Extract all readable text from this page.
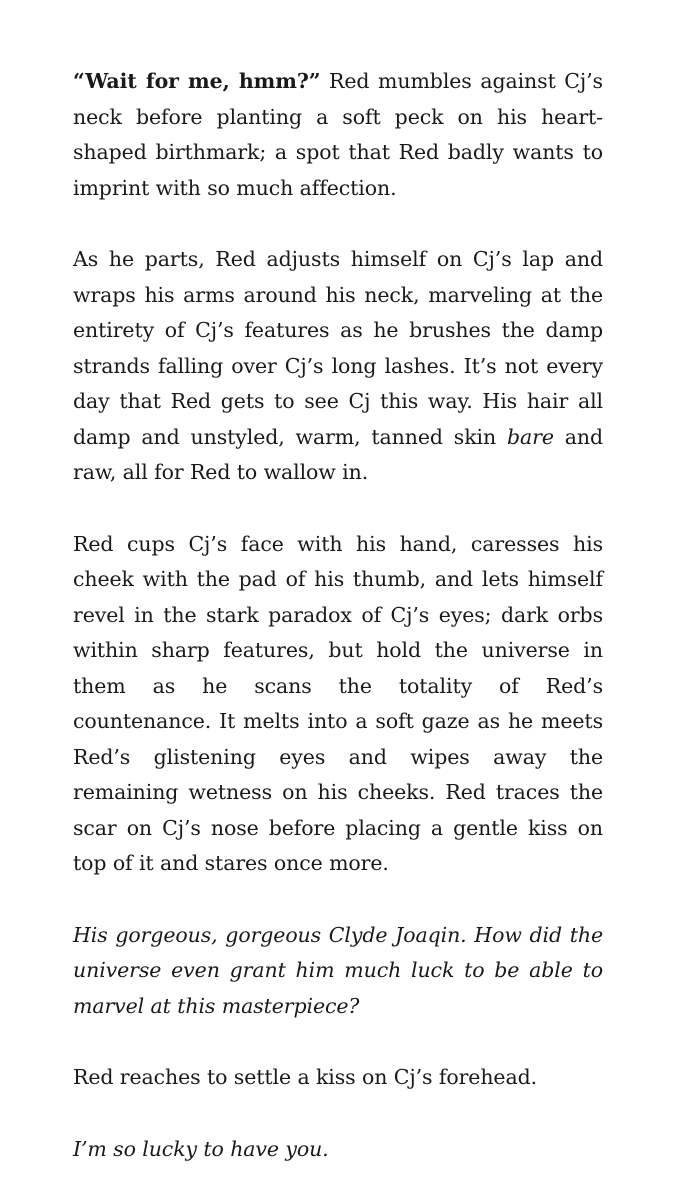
“Wait for me, hmm?” Red mumbles against Cj’s neck before planting a soft peck on his heart-shaped birthmark; a spot that Red badly wants to imprint with so much affection.

As he parts, Red adjusts himself on Cj’s lap and wraps his arms around his neck, marveling at the entirety of Cj’s features as he brushes the damp strands falling over Cj’s long lashes. It’s not every day that Red gets to see Cj this way. His hair all damp and unstyled, warm, tanned skin bare and raw, all for Red to wallow in.

Red cups Cj’s face with his hand, caresses his cheek with the pad of his thumb, and lets himself revel in the stark paradox of Cj’s eyes; dark orbs within sharp features, but hold the universe in them as he scans the totality of Red’s countenance. It melts into a soft gaze as he meets Red’s glistening eyes and wipes away the remaining wetness on his cheeks. Red traces the scar on Cj’s nose before placing a gentle kiss on top of it and stares once more.

His gorgeous, gorgeous Clyde Joaqin. How did the universe even grant him much luck to be able to marvel at this masterpiece?

Red reaches to settle a kiss on Cj’s forehead.

I’m so lucky to have you.
